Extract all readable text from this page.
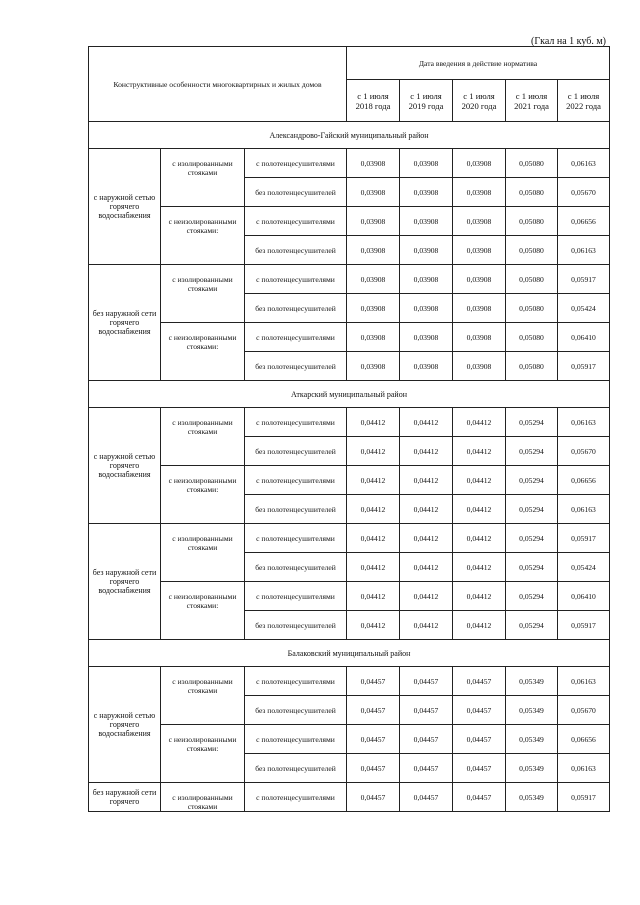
(Гкал на 1 куб. м)
Конструктивные особенности многоквартирных и жилых домов			Дата введения в действие норматива				
			с 1 июля 2018 года	с 1 июля 2019 года	с 1 июля 2020 года	с 1 июля 2021 года	с 1 июля 2022 года
Александрово-Гайский муниципальный район							
с наружной сетью горячего водоснабжения	с изолированными стояками	с полотенцесушителями	0,03908	0,03908	0,03908	0,05080	0,06163
		без полотенцесушителей	0,03908	0,03908	0,03908	0,05080	0,05670
	с неизолированными стояками:	с полотенцесушителями	0,03908	0,03908	0,03908	0,05080	0,06656
		без полотенцесушителей	0,03908	0,03908	0,03908	0,05080	0,06163
без наружной сети горячего водоснабжения	с изолированными стояками	с полотенцесушителями	0,03908	0,03908	0,03908	0,05080	0,05917
		без полотенцесушителей	0,03908	0,03908	0,03908	0,05080	0,05424
	с неизолированными стояками:	с полотенцесушителями	0,03908	0,03908	0,03908	0,05080	0,06410
		без полотенцесушителей	0,03908	0,03908	0,03908	0,05080	0,05917
Аткарский муниципальный район							
с наружной сетью горячего водоснабжения	с изолированными стояками	с полотенцесушителями	0,04412	0,04412	0,04412	0,05294	0,06163
		без полотенцесушителей	0,04412	0,04412	0,04412	0,05294	0,05670
	с неизолированными стояками:	с полотенцесушителями	0,04412	0,04412	0,04412	0,05294	0,06656
		без полотенцесушителей	0,04412	0,04412	0,04412	0,05294	0,06163
без наружной сети горячего водоснабжения	с изолированными стояками	с полотенцесушителями	0,04412	0,04412	0,04412	0,05294	0,05917
		без полотенцесушителей	0,04412	0,04412	0,04412	0,05294	0,05424
	с неизолированными стояками:	с полотенцесушителями	0,04412	0,04412	0,04412	0,05294	0,06410
		без полотенцесушителей	0,04412	0,04412	0,04412	0,05294	0,05917
Балаковский муниципальный район							
с наружной сетью горячего водоснабжения	с изолированными стояками	с полотенцесушителями	0,04457	0,04457	0,04457	0,05349	0,06163
		без полотенцесушителей	0,04457	0,04457	0,04457	0,05349	0,05670
	с неизолированными стояками:	с полотенцесушителями	0,04457	0,04457	0,04457	0,05349	0,06656
		без полотенцесушителей	0,04457	0,04457	0,04457	0,05349	0,06163
без наружной сети горячего	с изолированными стояками	с полотенцесушителями	0,04457	0,04457	0,04457	0,05349	0,05917
